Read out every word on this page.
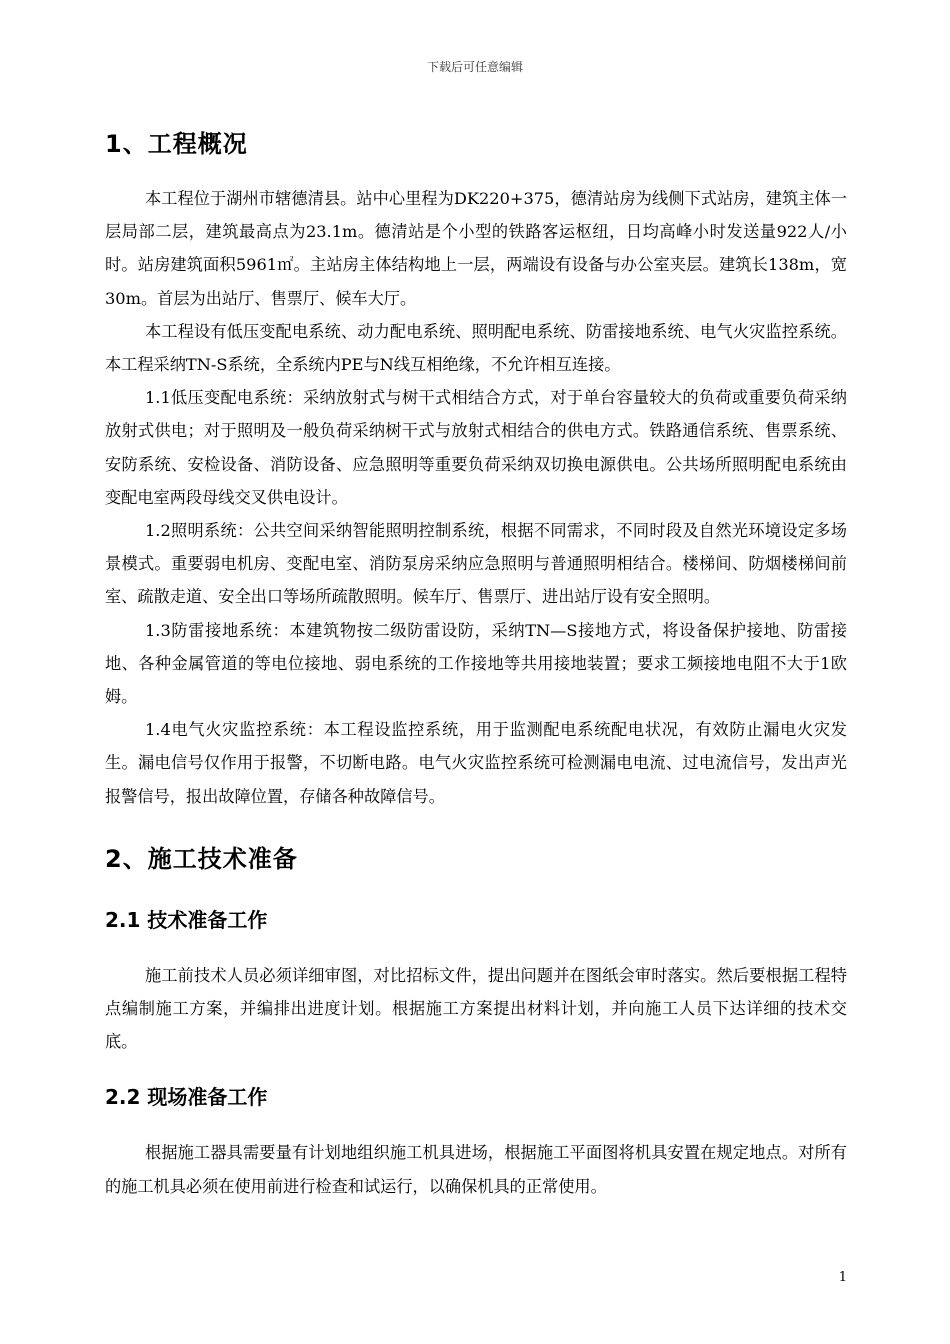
下载后可任意编辑
1、工程概况

本工程位于湖州市辖德清县。站中心里程为DK220+375，德清站房为线侧下式站房，建筑主体一层局部二层，建筑最高点为23.1m。德清站是个小型的铁路客运枢纽，日均高峰小时发送量922人/小时。站房建筑面积5961㎡。主站房主体结构地上一层，两端设有设备与办公室夹层。建筑长138m，宽30m。首层为出站厅、售票厅、候车大厅。

本工程设有低压变配电系统、动力配电系统、照明配电系统、防雷接地系统、电气火灾监控系统。本工程采纳TN-S系统，全系统内PE与N线互相绝缘，不允许相互连接。

1.1低压变配电系统：采纳放射式与树干式相结合方式，对于单台容量较大的负荷或重要负荷采纳放射式供电；对于照明及一般负荷采纳树干式与放射式相结合的供电方式。铁路通信系统、售票系统、安防系统、安检设备、消防设备、应急照明等重要负荷采纳双切换电源供电。公共场所照明配电系统由变配电室两段母线交叉供电设计。

1.2照明系统：公共空间采纳智能照明控制系统，根据不同需求，不同时段及自然光环境设定多场景模式。重要弱电机房、变配电室、消防泵房采纳应急照明与普通照明相结合。楼梯间、防烟楼梯间前室、疏散走道、安全出口等场所疏散照明。候车厅、售票厅、进出站厅设有安全照明。

1.3防雷接地系统：本建筑物按二级防雷设防，采纳TN—S接地方式，将设备保护接地、防雷接地、各种金属管道的等电位接地、弱电系统的工作接地等共用接地装置；要求工频接地电阻不大于1欧姆。

1.4电气火灾监控系统：本工程设监控系统，用于监测配电系统配电状况，有效防止漏电火灾发生。漏电信号仅作用于报警，不切断电路。电气火灾监控系统可检测漏电电流、过电流信号，发出声光报警信号，报出故障位置，存储各种故障信号。

2、施工技术准备
2.1 技术准备工作

施工前技术人员必须详细审图，对比招标文件，提出问题并在图纸会审时落实。然后要根据工程特点编制施工方案，并编排出进度计划。根据施工方案提出材料计划，并向施工人员下达详细的技术交底。

2.2 现场准备工作

根据施工器具需要量有计划地组织施工机具进场，根据施工平面图将机具安置在规定地点。对所有的施工机具必须在使用前进行检查和试运行，以确保机具的正常使用。

1
